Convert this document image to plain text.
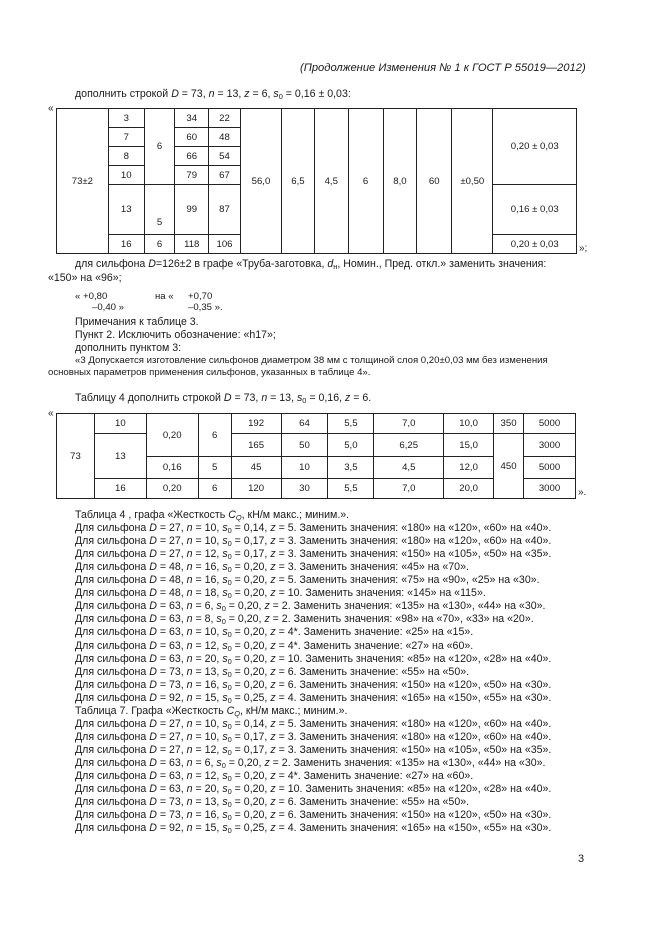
(Продолжение Изменения № 1 к ГОСТ Р 55019—2012)
дополнить строкой D = 73, n = 13, z = 6, $s_0 = 0,16 \pm 0,03$:
«
73±2	3	6	34	22	56,0	6,5	4,5	6	8,0	60	±0,50	0,20 ± 0,03
	7		60	48								
	8		66	54								
	10		79	67								
	13	5	99	87								0,16 ± 0,03
	16	6	118	106								0,20 ± 0,03 »;
для сильфона D=126±2 в графе «Труба-заготовка, $d_н$, Номин., Пред. откл.» заменить значения:
«150» на «96»;
« +0,80	на « +0,70
–0,40 »	–0,35 ».
Примечания к таблице 3.
Пункт 2. Исключить обозначение: «h17»;
дополнить пунктом 3:
«3 Допускается изготовление сильфонов диаметром 38 мм с толщиной слоя 0,20±0,03 мм без изменения
основных параметров применения сильфонов, указанных в таблице 4».
Таблицу 4 дополнить строкой D = 73, n = 13, $s_0 = 0,16$, z = 6.
«
73	10	0,20	6	192	64	5,5	7,0	10,0	350	5000
	13			165	50	5,0	6,25	15,0	450	3000
		0,16	5	45	10	3,5	4,5	12,0		5000
	16	0,20	6	120	30	5,5	7,0	20,0		3000 ».
Таблица 4 , графа «Жесткость $C_Q$, кН/м макс.; миним.».
Для сильфона D = 27, n = 10, $s_0 = 0,14$, z = 5. Заменить значения: «180» на «120», «60» на «40».
Для сильфона D = 27, n = 10, $s_0 = 0,17$, z = 3. Заменить значения: «180» на «120», «60» на «40».
Для сильфона D = 27, n = 12, $s_0 = 0,17$, z = 3. Заменить значения: «150» на «105», «50» на «35».
Для сильфона D = 48, n = 16, $s_0 = 0,20$, z = 3. Заменить значения: «45» на «70».
Для сильфона D = 48, n = 16, $s_0 = 0,20$, z = 5. Заменить значения: «75» на «90», «25» на «30».
Для сильфона D = 48, n = 18, $s_0 = 0,20$, z = 10. Заменить значения: «145» на «115».
Для сильфона D = 63, n = 6, $s_0 = 0,20$, z = 2. Заменить значения: «135» на «130», «44» на «30».
Для сильфона D = 63, n = 8, $s_0 = 0,20$, z = 2. Заменить значения: «98» на «70», «33» на «20».
Для сильфона D = 63, n = 10, $s_0 = 0,20$, z = 4*. Заменить значение: «25» на «15».
Для сильфона D = 63, n = 12, $s_0 = 0,20$, z = 4*. Заменить значение: «27» на «60».
Для сильфона D = 63, n = 20, $s_0 = 0,20$, z = 10. Заменить значения: «85» на «120», «28» на «40».
Для сильфона D = 73, n = 13, $s_0 = 0,20$, z = 6. Заменить значение: «55» на «50».
Для сильфона D = 73, n = 16, $s_0 = 0,20$, z = 6. Заменить значения: «150» на «120», «50» на «30».
Для сильфона D = 92, n = 15, $s_0 = 0,25$, z = 4. Заменить значения: «165» на «150», «55» на «30».
Таблица 7. Графа «Жесткость $C_Q$, кН/м макс.; миним.».
Для сильфона D = 27, n = 10, $s_0 = 0,14$, z = 5. Заменить значения: «180» на «120», «60» на «40».
Для сильфона D = 27, n = 10, $s_0 = 0,17$, z = 3. Заменить значения: «180» на «120», «60» на «40».
Для сильфона D = 27, n = 12, $s_0 = 0,17$, z = 3. Заменить значения: «150» на «105», «50» на «35».
Для сильфона D = 63, n = 6, $s_0 = 0,20$, z = 2. Заменить значения: «135» на «130», «44» на «30».
Для сильфона D = 63, n = 12, $s_0 = 0,20$, z = 4*. Заменить значение: «27» на «60».
Для сильфона D = 63, n = 20, $s_0 = 0,20$, z = 10. Заменить значения: «85» на «120», «28» на «40».
Для сильфона D = 73, n = 13, $s_0 = 0,20$, z = 6. Заменить значение: «55» на «50».
Для сильфона D = 73, n = 16, $s_0 = 0,20$, z = 6. Заменить значения: «150» на «120», «50» на «30».
Для сильфона D = 92, n = 15, $s_0 = 0,25$, z = 4. Заменить значения: «165» на «150», «55» на «30».
3
